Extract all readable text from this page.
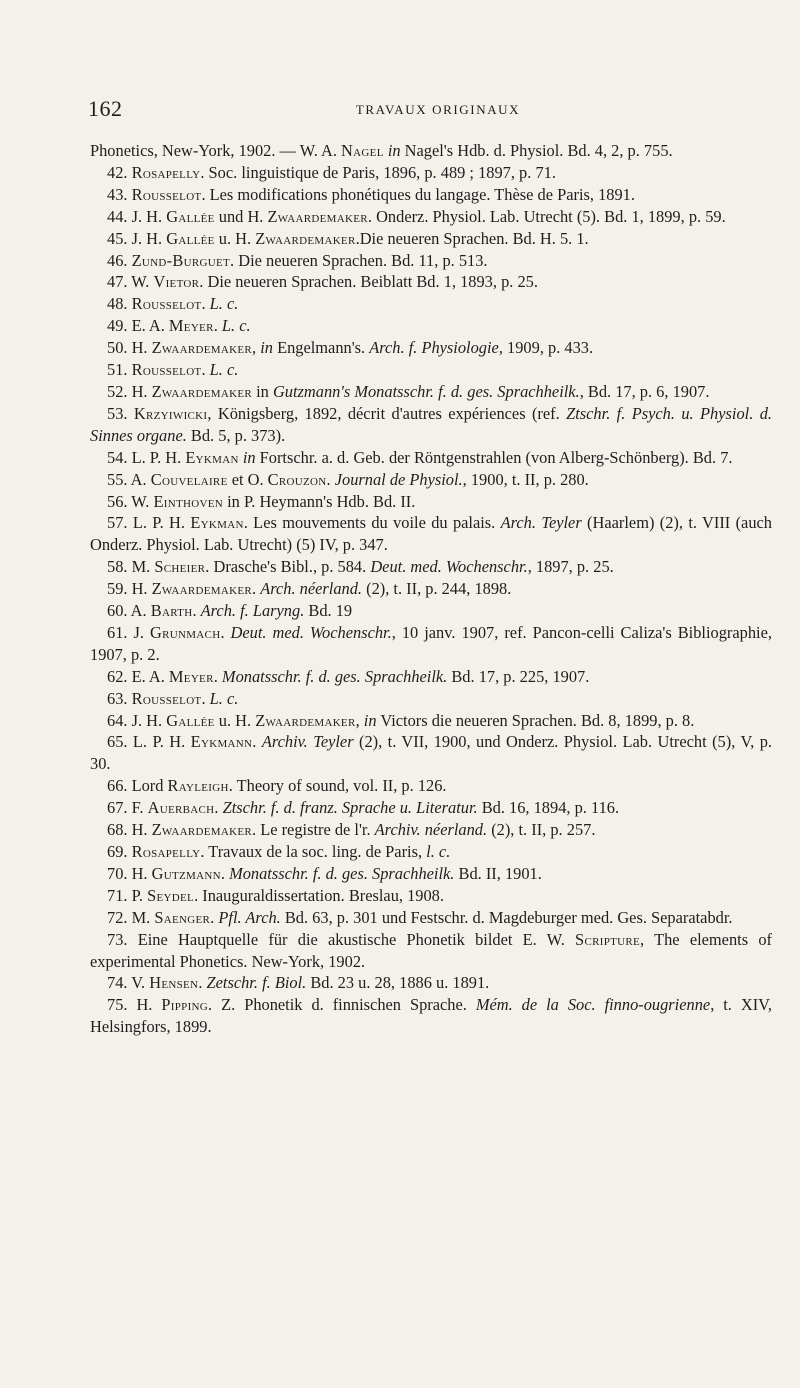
162	TRAVAUX ORIGINAUX

Phonetics, New-York, 1902. — W. A. Nagel in Nagel's Hdb. d. Physiol. Bd. 4, 2, p. 755.

42. Rosapelly. Soc. linguistique de Paris, 1896, p. 489 ; 1897, p. 71.

43. Rousselot. Les modifications phonétiques du langage. Thèse de Paris, 1891.

44. J. H. Gallée und H. Zwaardemaker. Onderz. Physiol. Lab. Utrecht (5). Bd. 1, 1899, p. 59.

45. J. H. Gallée u. H. Zwaardemaker.Die neueren Sprachen. Bd. H. 5. 1.

46. Zund-Burguet. Die neueren Sprachen. Bd. 11, p. 513.

47. W. Vietor. Die neueren Sprachen. Beiblatt Bd. 1, 1893, p. 25.

48. Rousselot. L. c.

49. E. A. Meyer. L. c.

50. H. Zwaardemaker, in Engelmann's. Arch. f. Physiologie, 1909, p. 433.

51. Rousselot. L. c.

52. H. Zwaardemaker in Gutzmann's Monatsschr. f. d. ges. Sprachheilk., Bd. 17, p. 6, 1907.

53. Krzyiwicki, Königsberg, 1892, décrit d'autres expériences (ref. Ztschr. f. Psych. u. Physiol. d. Sinnes organe. Bd. 5, p. 373).

54. L. P. H. Eykman in Fortschr. a. d. Geb. der Röntgenstrahlen (von Alberg-Schönberg). Bd. 7.

55. A. Couvelaire et O. Crouzon. Journal de Physiol., 1900, t. II, p. 280.

56. W. Einthoven in P. Heymann's Hdb. Bd. II.

57. L. P. H. Eykman. Les mouvements du voile du palais. Arch. Teyler (Haarlem) (2), t. VIII (auch Onderz. Physiol. Lab. Utrecht) (5) IV, p. 347.

58. M. Scheier. Drasche's Bibl., p. 584. Deut. med. Wochenschr., 1897, p. 25.

59. H. Zwaardemaker. Arch. néerland. (2), t. II, p. 244, 1898.

60. A. Barth. Arch. f. Laryng. Bd. 19

61. J. Grunmach. Deut. med. Wochenschr., 10 janv. 1907, ref. Pancon-celli Caliza's Bibliographie, 1907, p. 2.

62. E. A. Meyer. Monatsschr. f. d. ges. Sprachheilk. Bd. 17, p. 225, 1907.

63. Rousselot. L. c.

64. J. H. Gallée u. H. Zwaardemaker, in Victors die neueren Sprachen. Bd. 8, 1899, p. 8.

65. L. P. H. Eykmann. Archiv. Teyler (2), t. VII, 1900, und Onderz. Physiol. Lab. Utrecht (5), V, p. 30.

66. Lord Rayleigh. Theory of sound, vol. II, p. 126.

67. F. Auerbach. Ztschr. f. d. franz. Sprache u. Literatur. Bd. 16, 1894, p. 116.

68. H. Zwaardemaker. Le registre de l'r. Archiv. néerland. (2), t. II, p. 257.

69. Rosapelly. Travaux de la soc. ling. de Paris, l. c.

70. H. Gutzmann. Monatsschr. f. d. ges. Sprachheilk. Bd. II, 1901.

71. P. Seydel. Inauguraldissertation. Breslau, 1908.

72. M. Saenger. Pfl. Arch. Bd. 63, p. 301 und Festschr. d. Magdeburger med. Ges. Separatabdr.

73. Eine Hauptquelle für die akustische Phonetik bildet E. W. Scripture, The elements of experimental Phonetics. New-York, 1902.

74. V. Hensen. Zetschr. f. Biol. Bd. 23 u. 28, 1886 u. 1891.

75. H. Pipping. Z. Phonetik d. finnischen Sprache. Mém. de la Soc. finno-ougrienne, t. XIV, Helsingfors, 1899.
